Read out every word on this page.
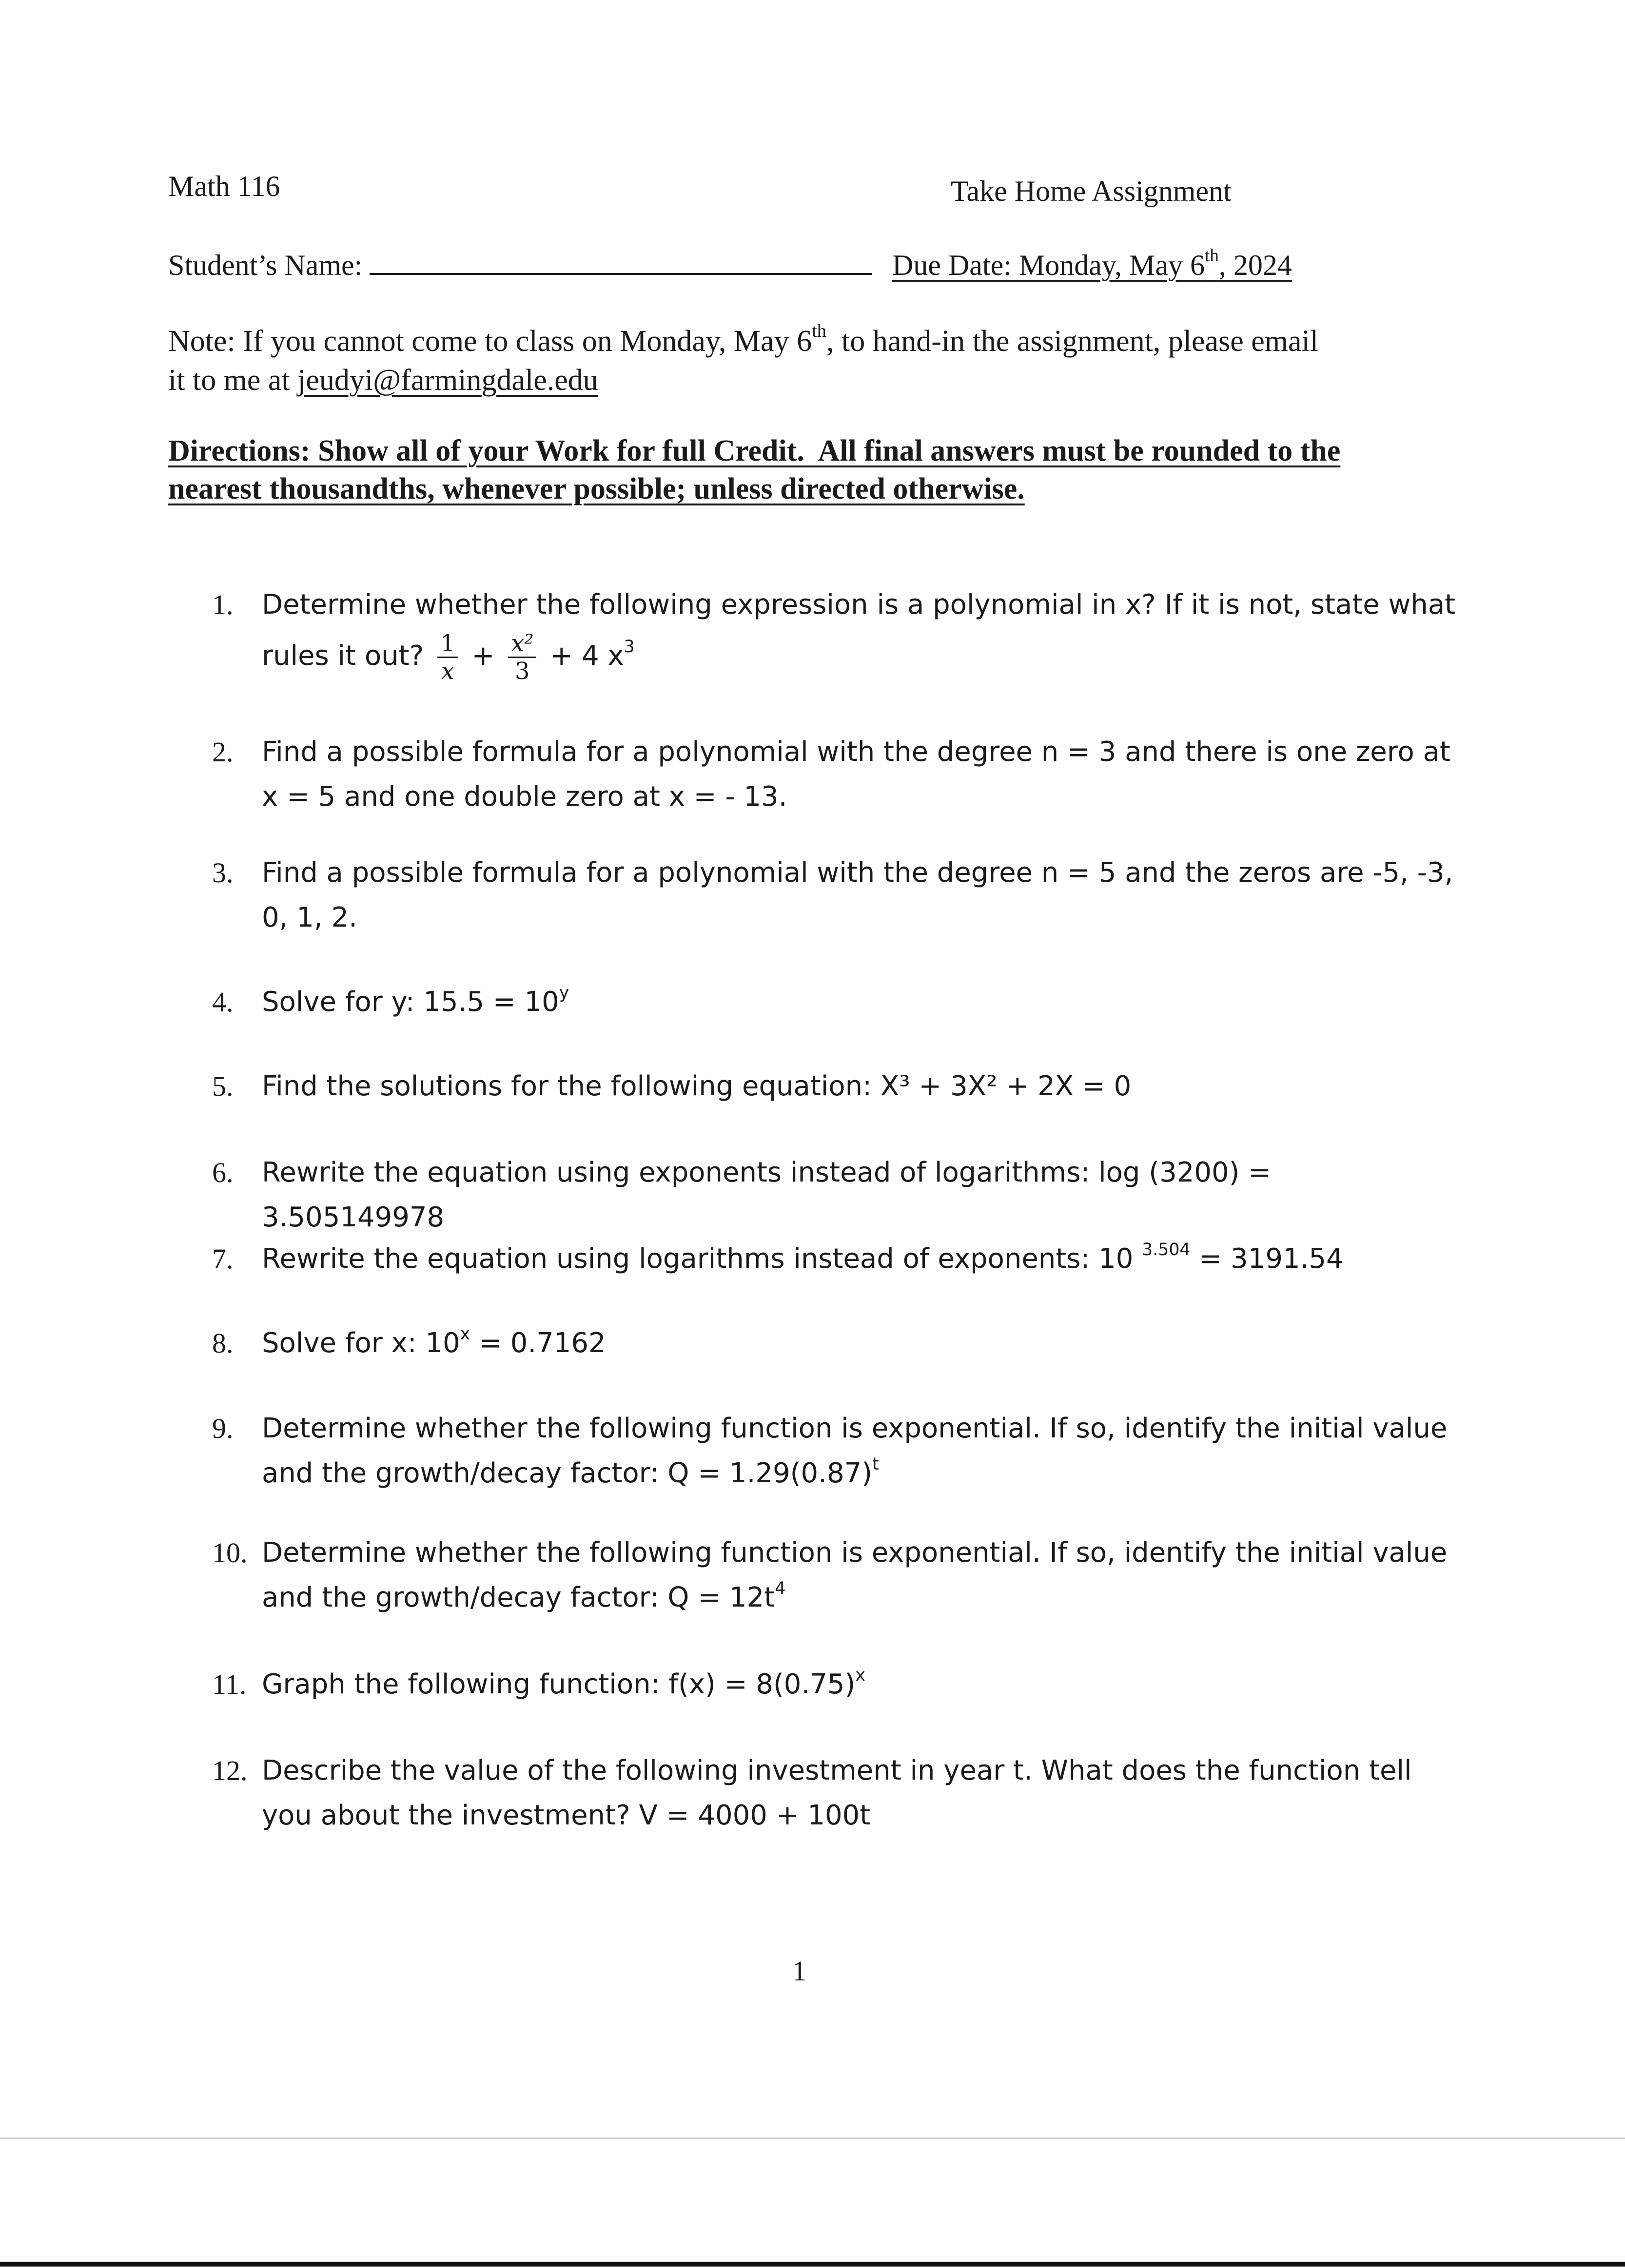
Math 116	Take Home Assignment
Student’s Name:	Due Date: Monday, May 6th, 2024
Note: If you cannot come to class on Monday, May 6th, to hand-in the assignment, please email
it to me at jeudyi@farmingdale.edu
Directions: Show all of your Work for full Credit. All final answers must be rounded to the nearest thousandths, whenever possible; unless directed otherwise.
1. Determine whether the following expression is a polynomial in x? If it is not, state what
rules it out? $\frac{1}{x} + \frac{\text{x²}}{3} + 4$ $x^3$
2. Find a possible formula for a polynomial with the degree n = 3 and there is one zero at
x = 5 and one double zero at x = - 13.
3. Find a possible formula for a polynomial with the degree n = 5 and the zeros are -5, -3,
0, 1, 2.
4. Solve for y: $15.5 = 10^y$
5. Find the solutions for the following equation: X³ + 3X² + 2X = 0
6. Rewrite the equation using exponents instead of logarithms: log (3200) = 3.505149978
7. Rewrite the equation using logarithms instead of exponents: 10 $^{3.504}$ = 3191.54
8. Solve for x: $10^x = 0.7162$
9. Determine whether the following function is exponential. If so, identify the initial value
and the growth/decay factor: $Q = 1.29(0.87)^t$
10. Determine whether the following function is exponential. If so, identify the initial value
and the growth/decay factor: $Q = 12t^4$
11. Graph the following function: $f(x) = 8(0.75)^x$
12. Describe the value of the following investment in year t. What does the function tell
you about the investment? V = 4000 + 100t
1
